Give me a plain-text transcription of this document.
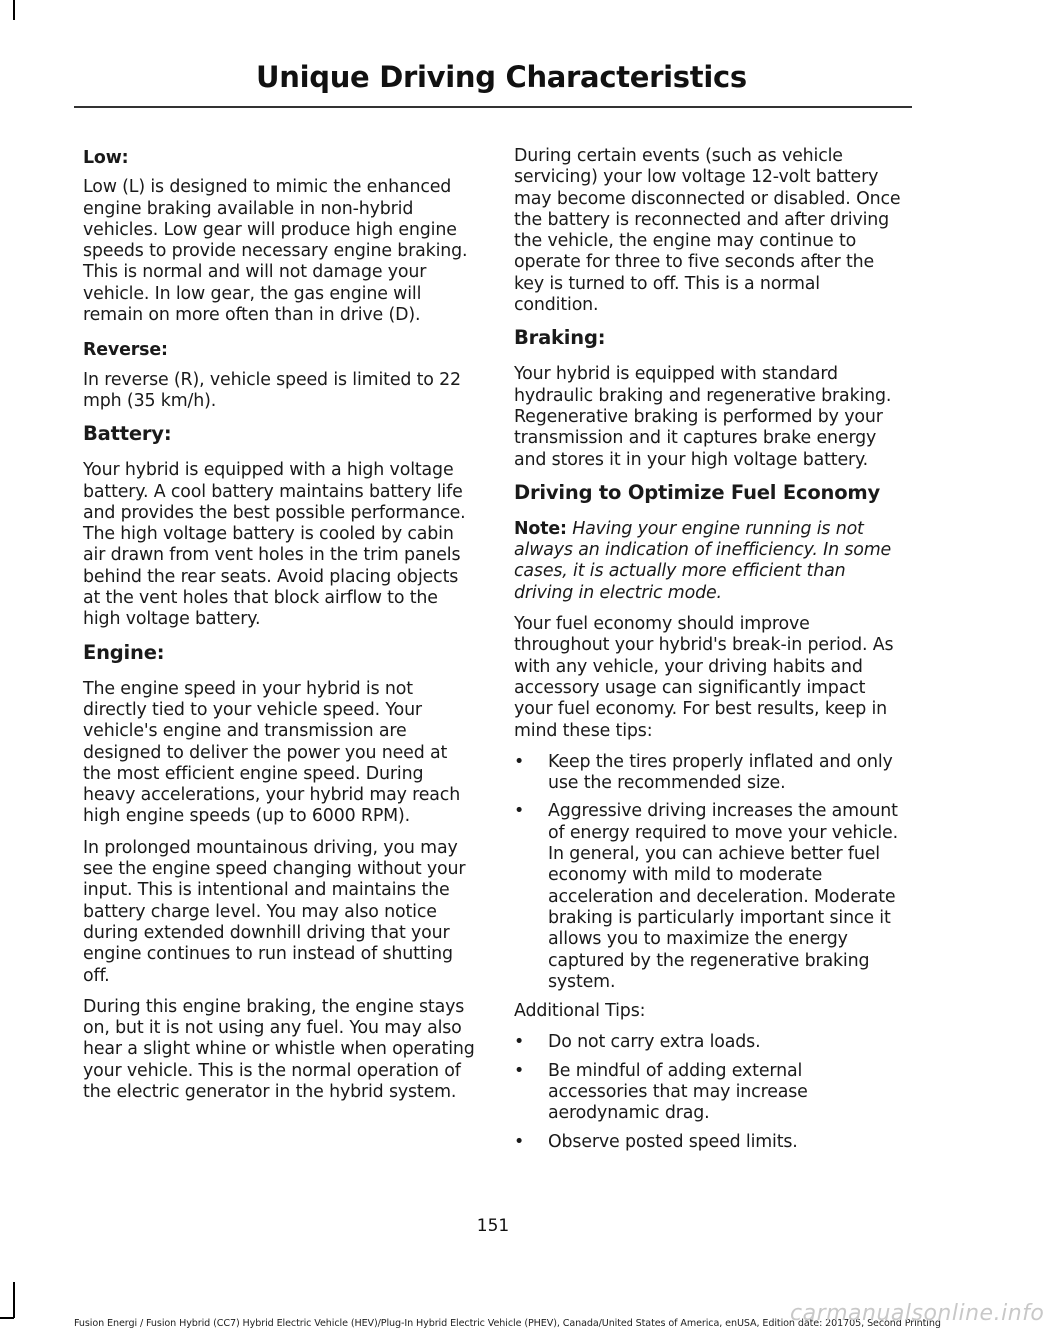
Unique Driving Characteristics
Low:

Low (L) is designed to mimic the enhanced engine braking available in non-hybrid vehicles. Low gear will produce high engine speeds to provide necessary engine braking. This is normal and will not damage your vehicle. In low gear, the gas engine will remain on more often than in drive (D).

Reverse:

In reverse (R), vehicle speed is limited to 22 mph (35 km/h).

Battery:

Your hybrid is equipped with a high voltage battery. A cool battery maintains battery life and provides the best possible performance. The high voltage battery is cooled by cabin air drawn from vent holes in the trim panels behind the rear seats. Avoid placing objects at the vent holes that block airflow to the high voltage battery.

Engine:

The engine speed in your hybrid is not directly tied to your vehicle speed. Your vehicle's engine and transmission are designed to deliver the power you need at the most efficient engine speed. During heavy accelerations, your hybrid may reach high engine speeds (up to 6000 RPM).

In prolonged mountainous driving, you may see the engine speed changing without your input. This is intentional and maintains the battery charge level. You may also notice during extended downhill driving that your engine continues to run instead of shutting off.

During this engine braking, the engine stays on, but it is not using any fuel. You may also hear a slight whine or whistle when operating your vehicle. This is the normal operation of the electric generator in the hybrid system.

During certain events (such as vehicle servicing) your low voltage 12-volt battery may become disconnected or disabled. Once the battery is reconnected and after driving the vehicle, the engine may continue to operate for three to five seconds after the key is turned to off. This is a normal condition.

Braking:

Your hybrid is equipped with standard hydraulic braking and regenerative braking. Regenerative braking is performed by your transmission and it captures brake energy and stores it in your high voltage battery.

Driving to Optimize Fuel Economy

Note: Having your engine running is not always an indication of inefficiency. In some cases, it is actually more efficient than driving in electric mode.

Your fuel economy should improve throughout your hybrid's break-in period. As with any vehicle, your driving habits and accessory usage can significantly impact your fuel economy. For best results, keep in mind these tips:

• Keep the tires properly inflated and only use the recommended size.
• Aggressive driving increases the amount of energy required to move your vehicle. In general, you can achieve better fuel economy with mild to moderate acceleration and deceleration. Moderate braking is particularly important since it allows you to maximize the energy captured by the regenerative braking system.

Additional Tips:

• Do not carry extra loads.
• Be mindful of adding external accessories that may increase aerodynamic drag.
• Observe posted speed limits.
151
Fusion Energi / Fusion Hybrid (CC7) Hybrid Electric Vehicle (HEV)/Plug-In Hybrid Electric Vehicle (PHEV), Canada/United States of America, enUSA, Edition date: 201705, Second Printing
carmanualsonline.info
